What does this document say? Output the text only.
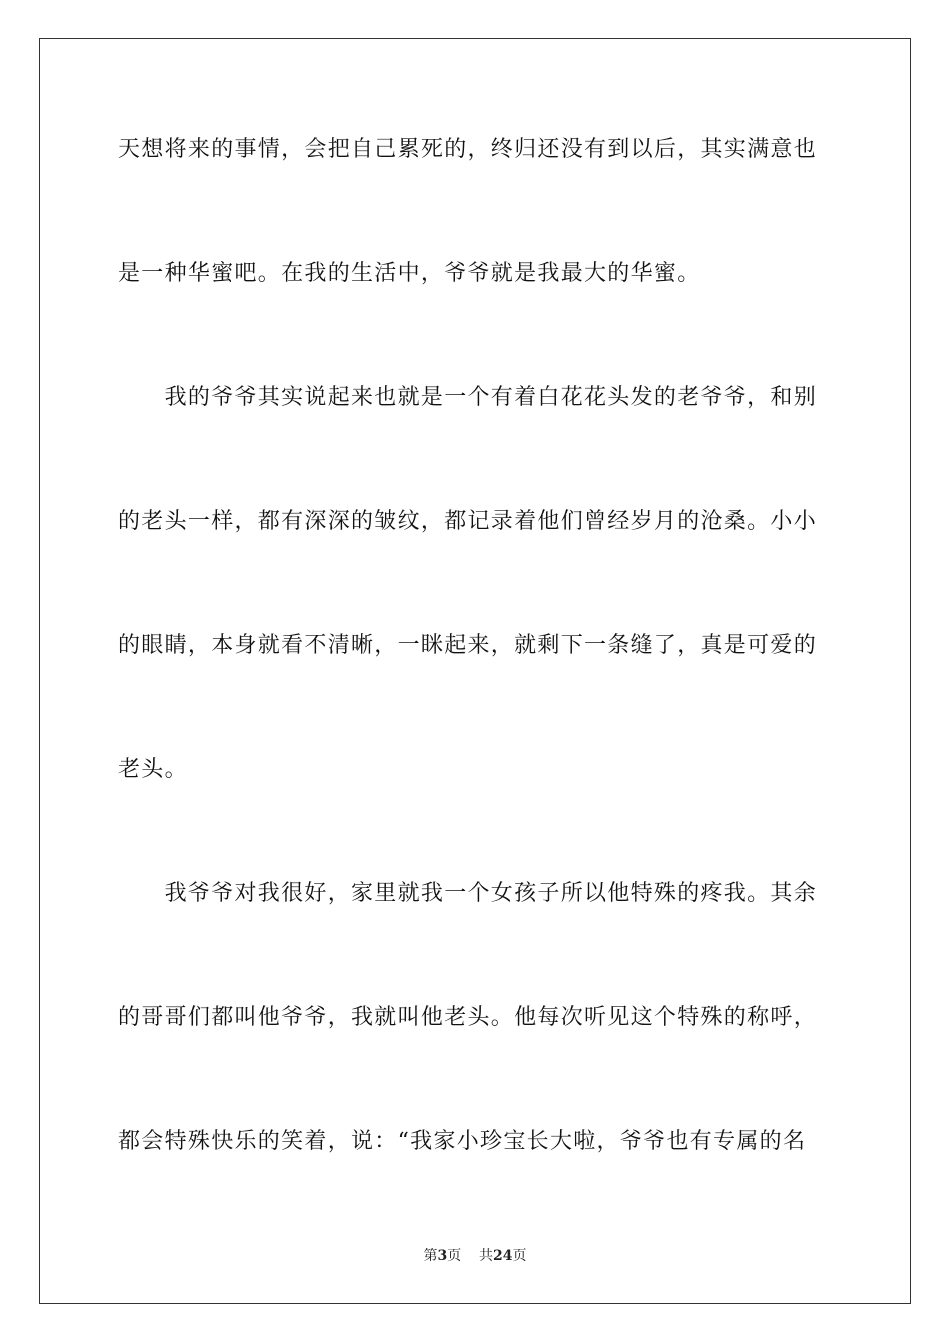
天想将来的事情，会把自己累死的，终归还没有到以后，其实满意也
是一种华蜜吧。在我的生活中，爷爷就是我最大的华蜜。
　　我的爷爷其实说起来也就是一个有着白花花头发的老爷爷，和别
的老头一样，都有深深的皱纹，都记录着他们曾经岁月的沧桑。小小
的眼睛，本身就看不清晰，一眯起来，就剩下一条缝了，真是可爱的
老头。
　　我爷爷对我很好，家里就我一个女孩子所以他特殊的疼我。其余
的哥哥们都叫他爷爷，我就叫他老头。他每次听见这个特殊的称呼，
都会特殊快乐的笑着，说：“我家小珍宝长大啦，爷爷也有专属的名
第3页 共24页
